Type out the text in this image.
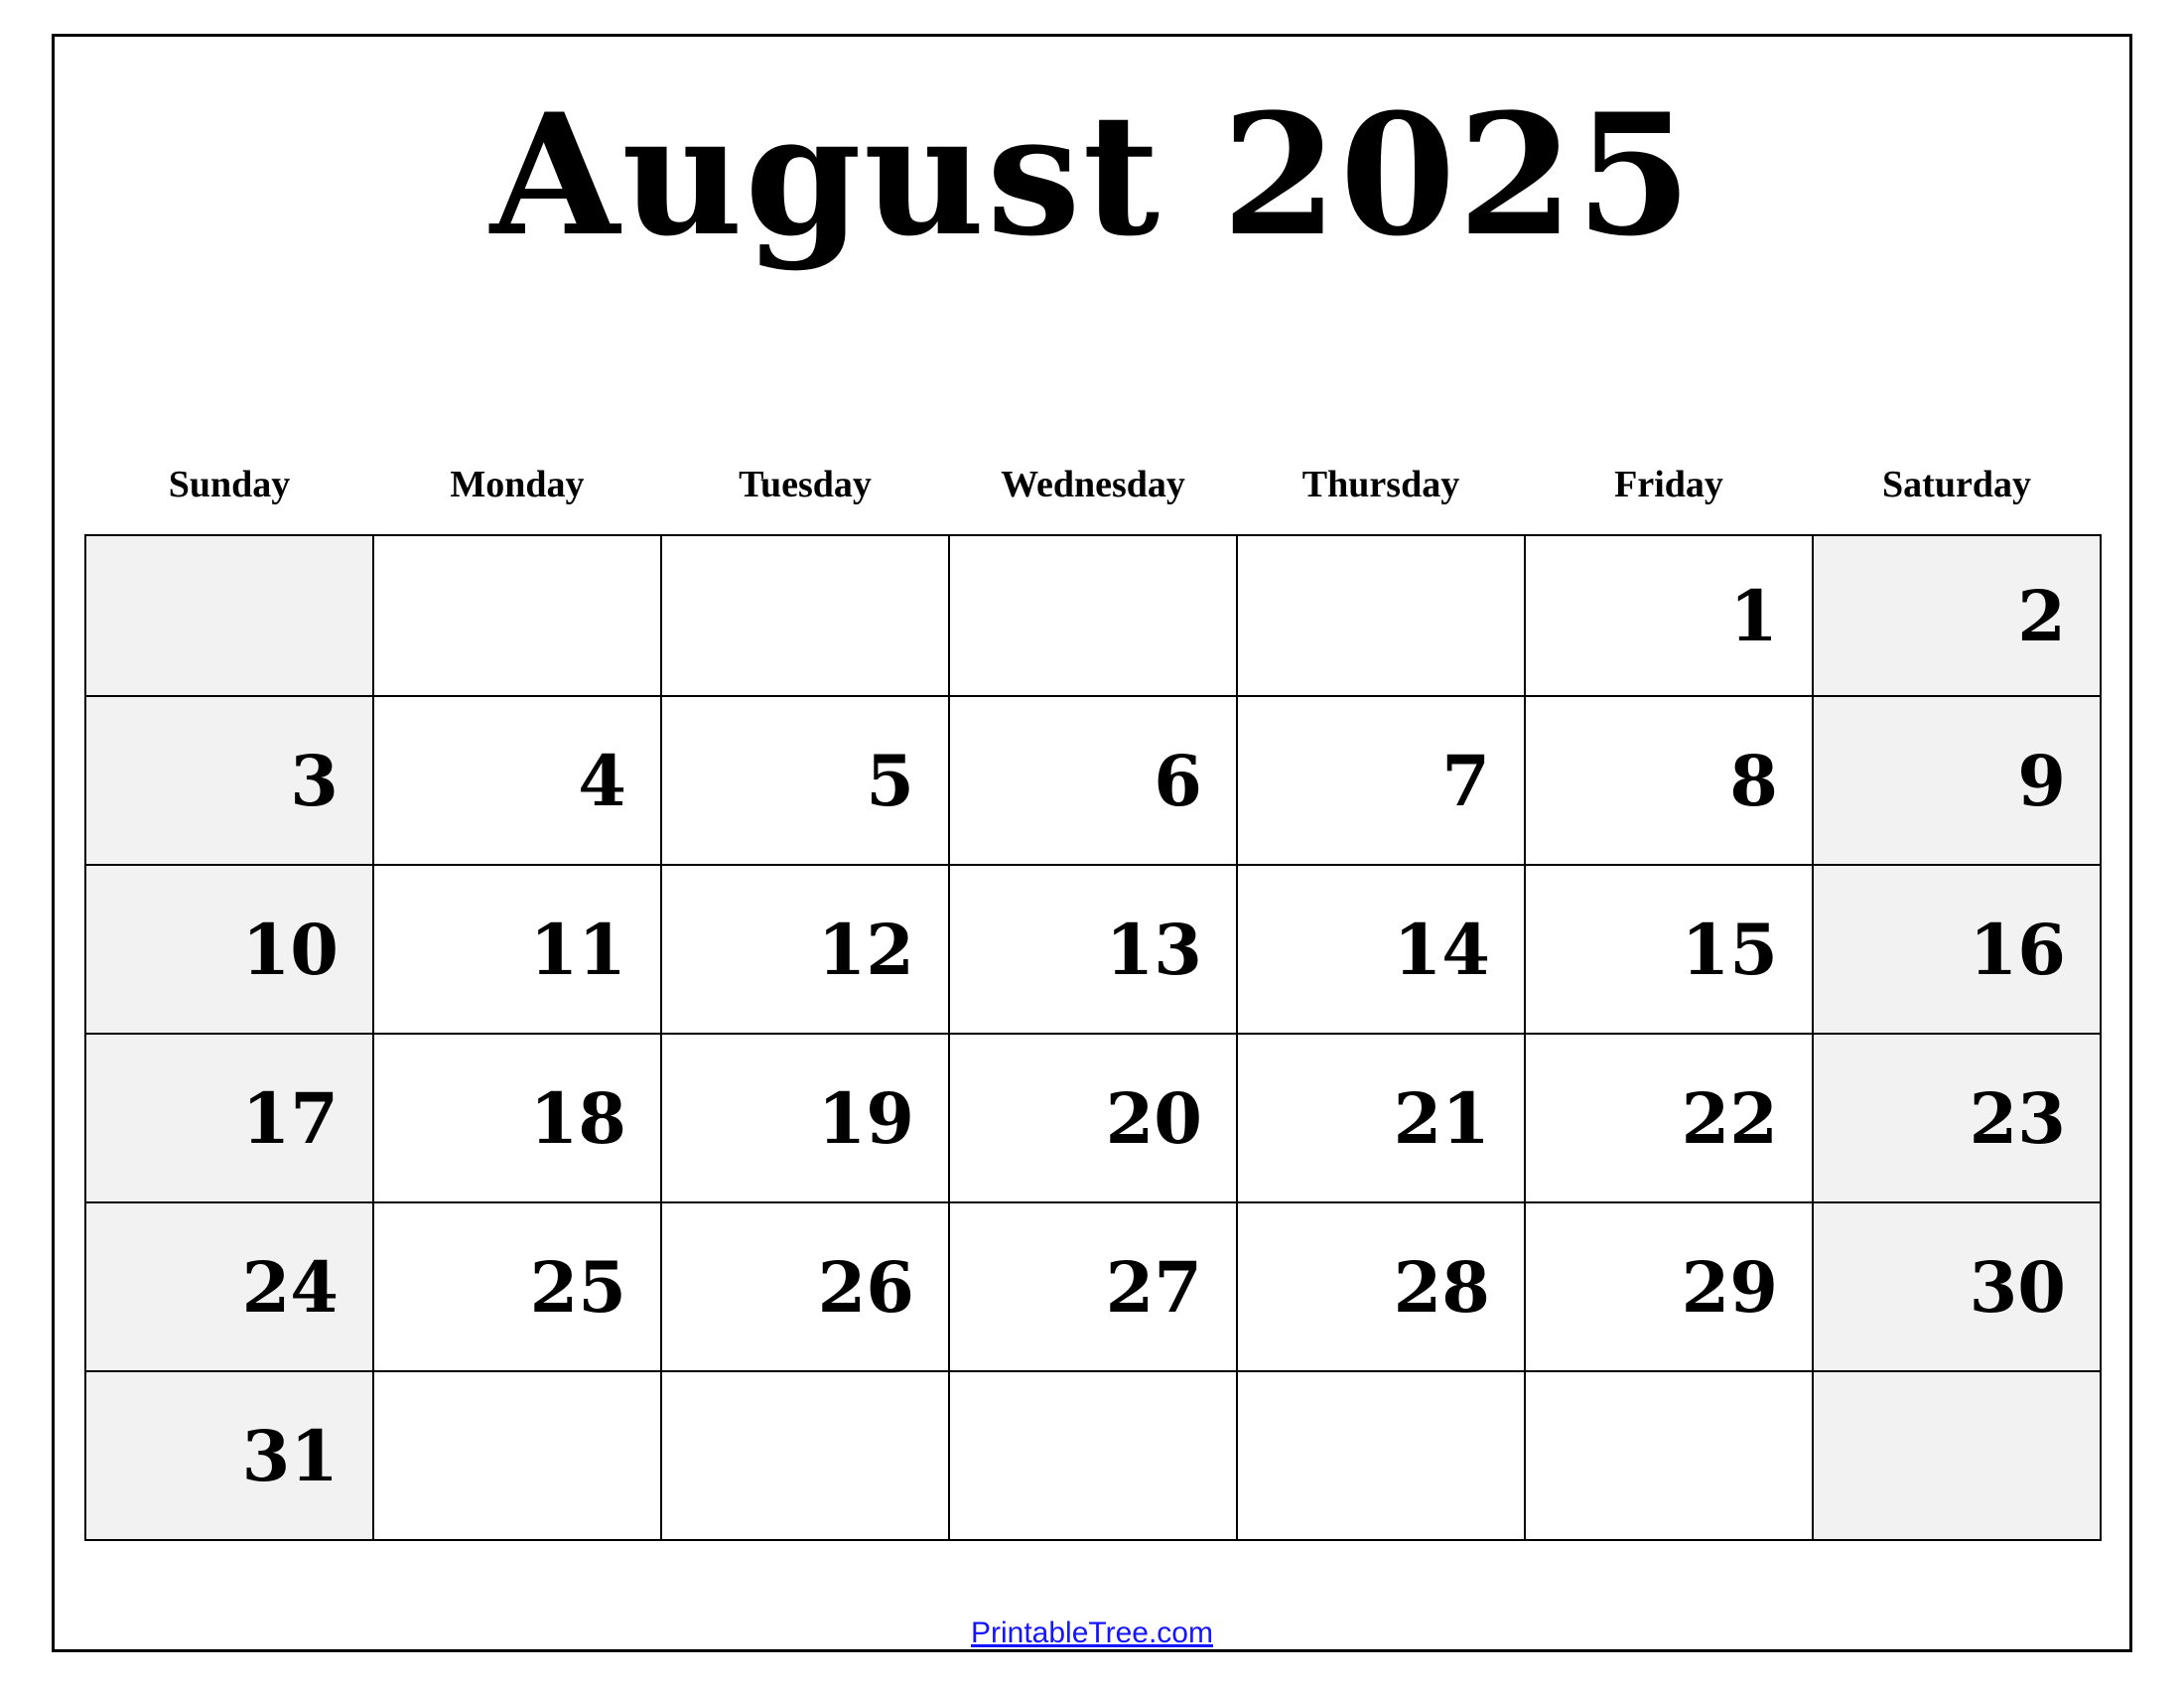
August 2025
Sunday	Monday	Tuesday	Wednesday	Thursday	Friday	Saturday
					1	2
3	4	5	6	7	8	9
10	11	12	13	14	15	16
17	18	19	20	21	22	23
24	25	26	27	28	29	30
31						
PrintableTree.com
